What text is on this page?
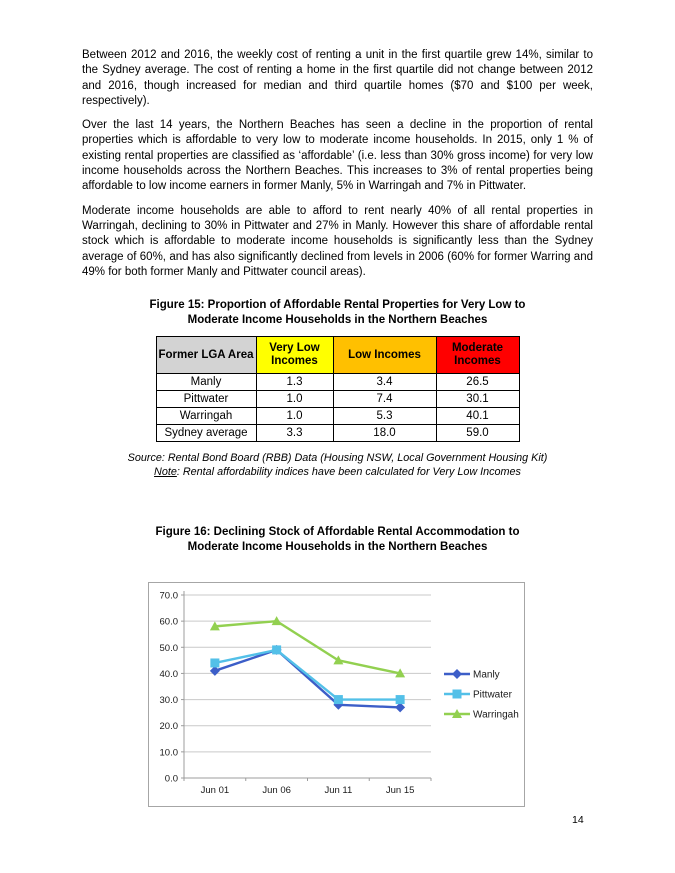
Between 2012 and 2016, the weekly cost of renting a unit in the first quartile grew 14%, similar to the Sydney average. The cost of renting a home in the first quartile did not change between 2012 and 2016, though increased for median and third quartile homes ($70 and $100 per week, respectively).

Over the last 14 years, the Northern Beaches has seen a decline in the proportion of rental properties which is affordable to very low to moderate income households. In 2015, only 1 % of existing rental properties are classified as ‘affordable’ (i.e. less than 30% gross income) for very low income households across the Northern Beaches. This increases to 3% of rental properties being affordable to low income earners in former Manly, 5% in Warringah and 7% in Pittwater.

Moderate income households are able to afford to rent nearly 40% of all rental properties in Warringah, declining to 30% in Pittwater and 27% in Manly. However this share of affordable rental stock which is affordable to moderate income households is significantly less than the Sydney average of 60%, and has also significantly declined from levels in 2006 (60% for former Warring and 49% for both former Manly and Pittwater council areas).

Figure 15: Proportion of Affordable Rental Properties for Very Low to
Moderate Income Households in the Northern Beaches

Former LGA Area	Very Low Incomes	Low Incomes	Moderate Incomes
Manly	1.3	3.4	26.5
Pittwater	1.0	7.4	30.1
Warringah	1.0	5.3	40.1
Sydney average	3.3	18.0	59.0
Source: Rental Bond Board (RBB) Data (Housing NSW, Local Government Housing Kit)
Note: Rental affordability indices have been calculated for Very Low Incomes

Figure 16: Declining Stock of Affordable Rental Accommodation to
Moderate Income Households in the Northern Beaches

0.0
10.0
20.0
30.0
40.0
50.0
60.0
70.0
Jun 01	Jun 06	Jun 11	Jun 15
Manly
Pittwater
Warringah
14
